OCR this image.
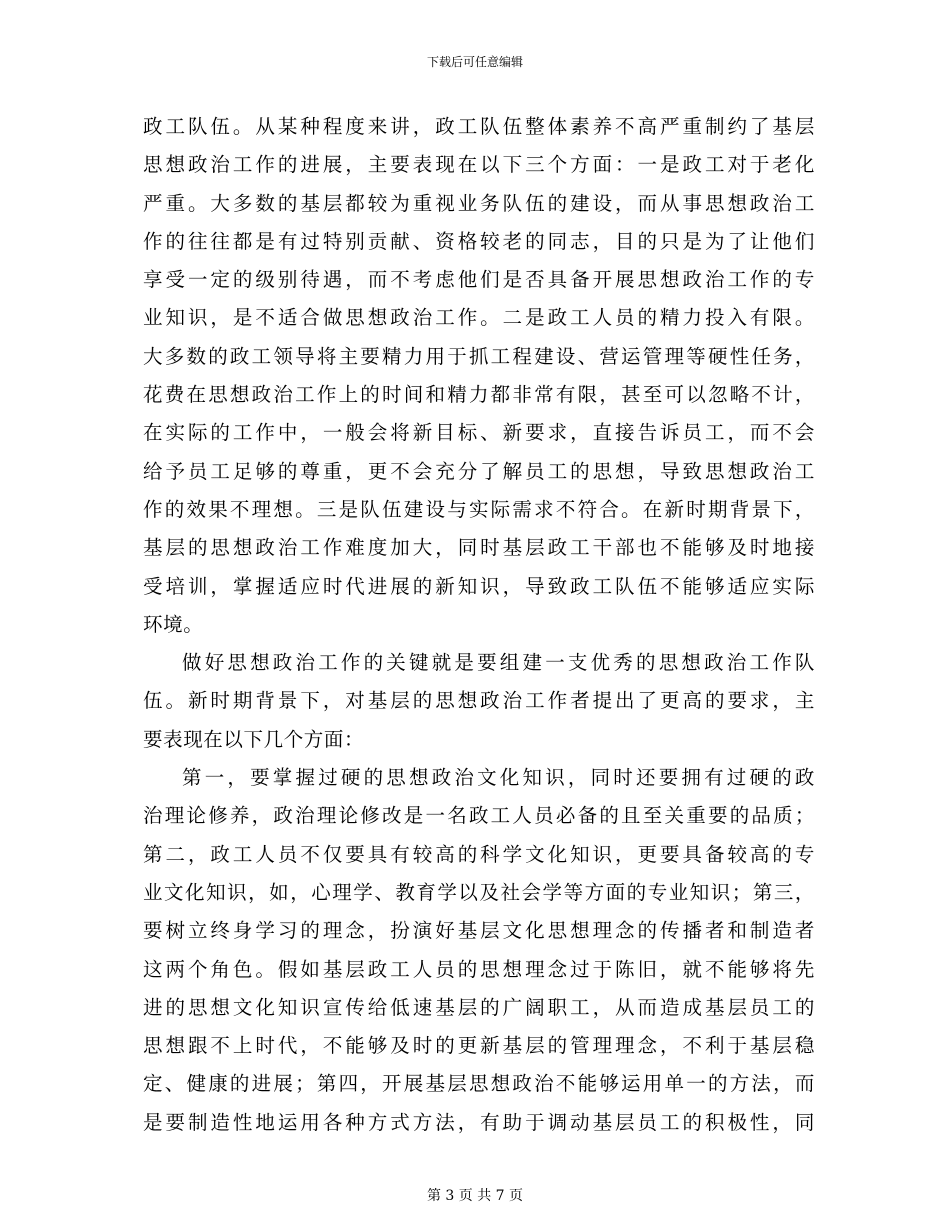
下载后可任意编辑
政工队伍。从某种程度来讲，政工队伍整体素养不高严重制约了基层
思想政治工作的进展，主要表现在以下三个方面：一是政工对于老化
严重。大多数的基层都较为重视业务队伍的建设，而从事思想政治工
作的往往都是有过特别贡献、资格较老的同志，目的只是为了让他们
享受一定的级别待遇，而不考虑他们是否具备开展思想政治工作的专
业知识，是不适合做思想政治工作。二是政工人员的精力投入有限。
大多数的政工领导将主要精力用于抓工程建设、营运管理等硬性任务，
花费在思想政治工作上的时间和精力都非常有限，甚至可以忽略不计，
在实际的工作中，一般会将新目标、新要求，直接告诉员工，而不会
给予员工足够的尊重，更不会充分了解员工的思想，导致思想政治工
作的效果不理想。三是队伍建设与实际需求不符合。在新时期背景下，
基层的思想政治工作难度加大，同时基层政工干部也不能够及时地接
受培训，掌握适应时代进展的新知识，导致政工队伍不能够适应实际
环境。
做好思想政治工作的关键就是要组建一支优秀的思想政治工作队
伍。新时期背景下，对基层的思想政治工作者提出了更高的要求，主
要表现在以下几个方面：
第一，要掌握过硬的思想政治文化知识，同时还要拥有过硬的政
治理论修养，政治理论修改是一名政工人员必备的且至关重要的品质；
第二，政工人员不仅要具有较高的科学文化知识，更要具备较高的专
业文化知识，如，心理学、教育学以及社会学等方面的专业知识；第三，
要树立终身学习的理念，扮演好基层文化思想理念的传播者和制造者
这两个角色。假如基层政工人员的思想理念过于陈旧，就不能够将先
进的思想文化知识宣传给低速基层的广阔职工，从而造成基层员工的
思想跟不上时代，不能够及时的更新基层的管理理念，不利于基层稳
定、健康的进展；第四，开展基层思想政治不能够运用单一的方法，而
是要制造性地运用各种方式方法，有助于调动基层员工的积极性，同
第 3 页 共 7 页
